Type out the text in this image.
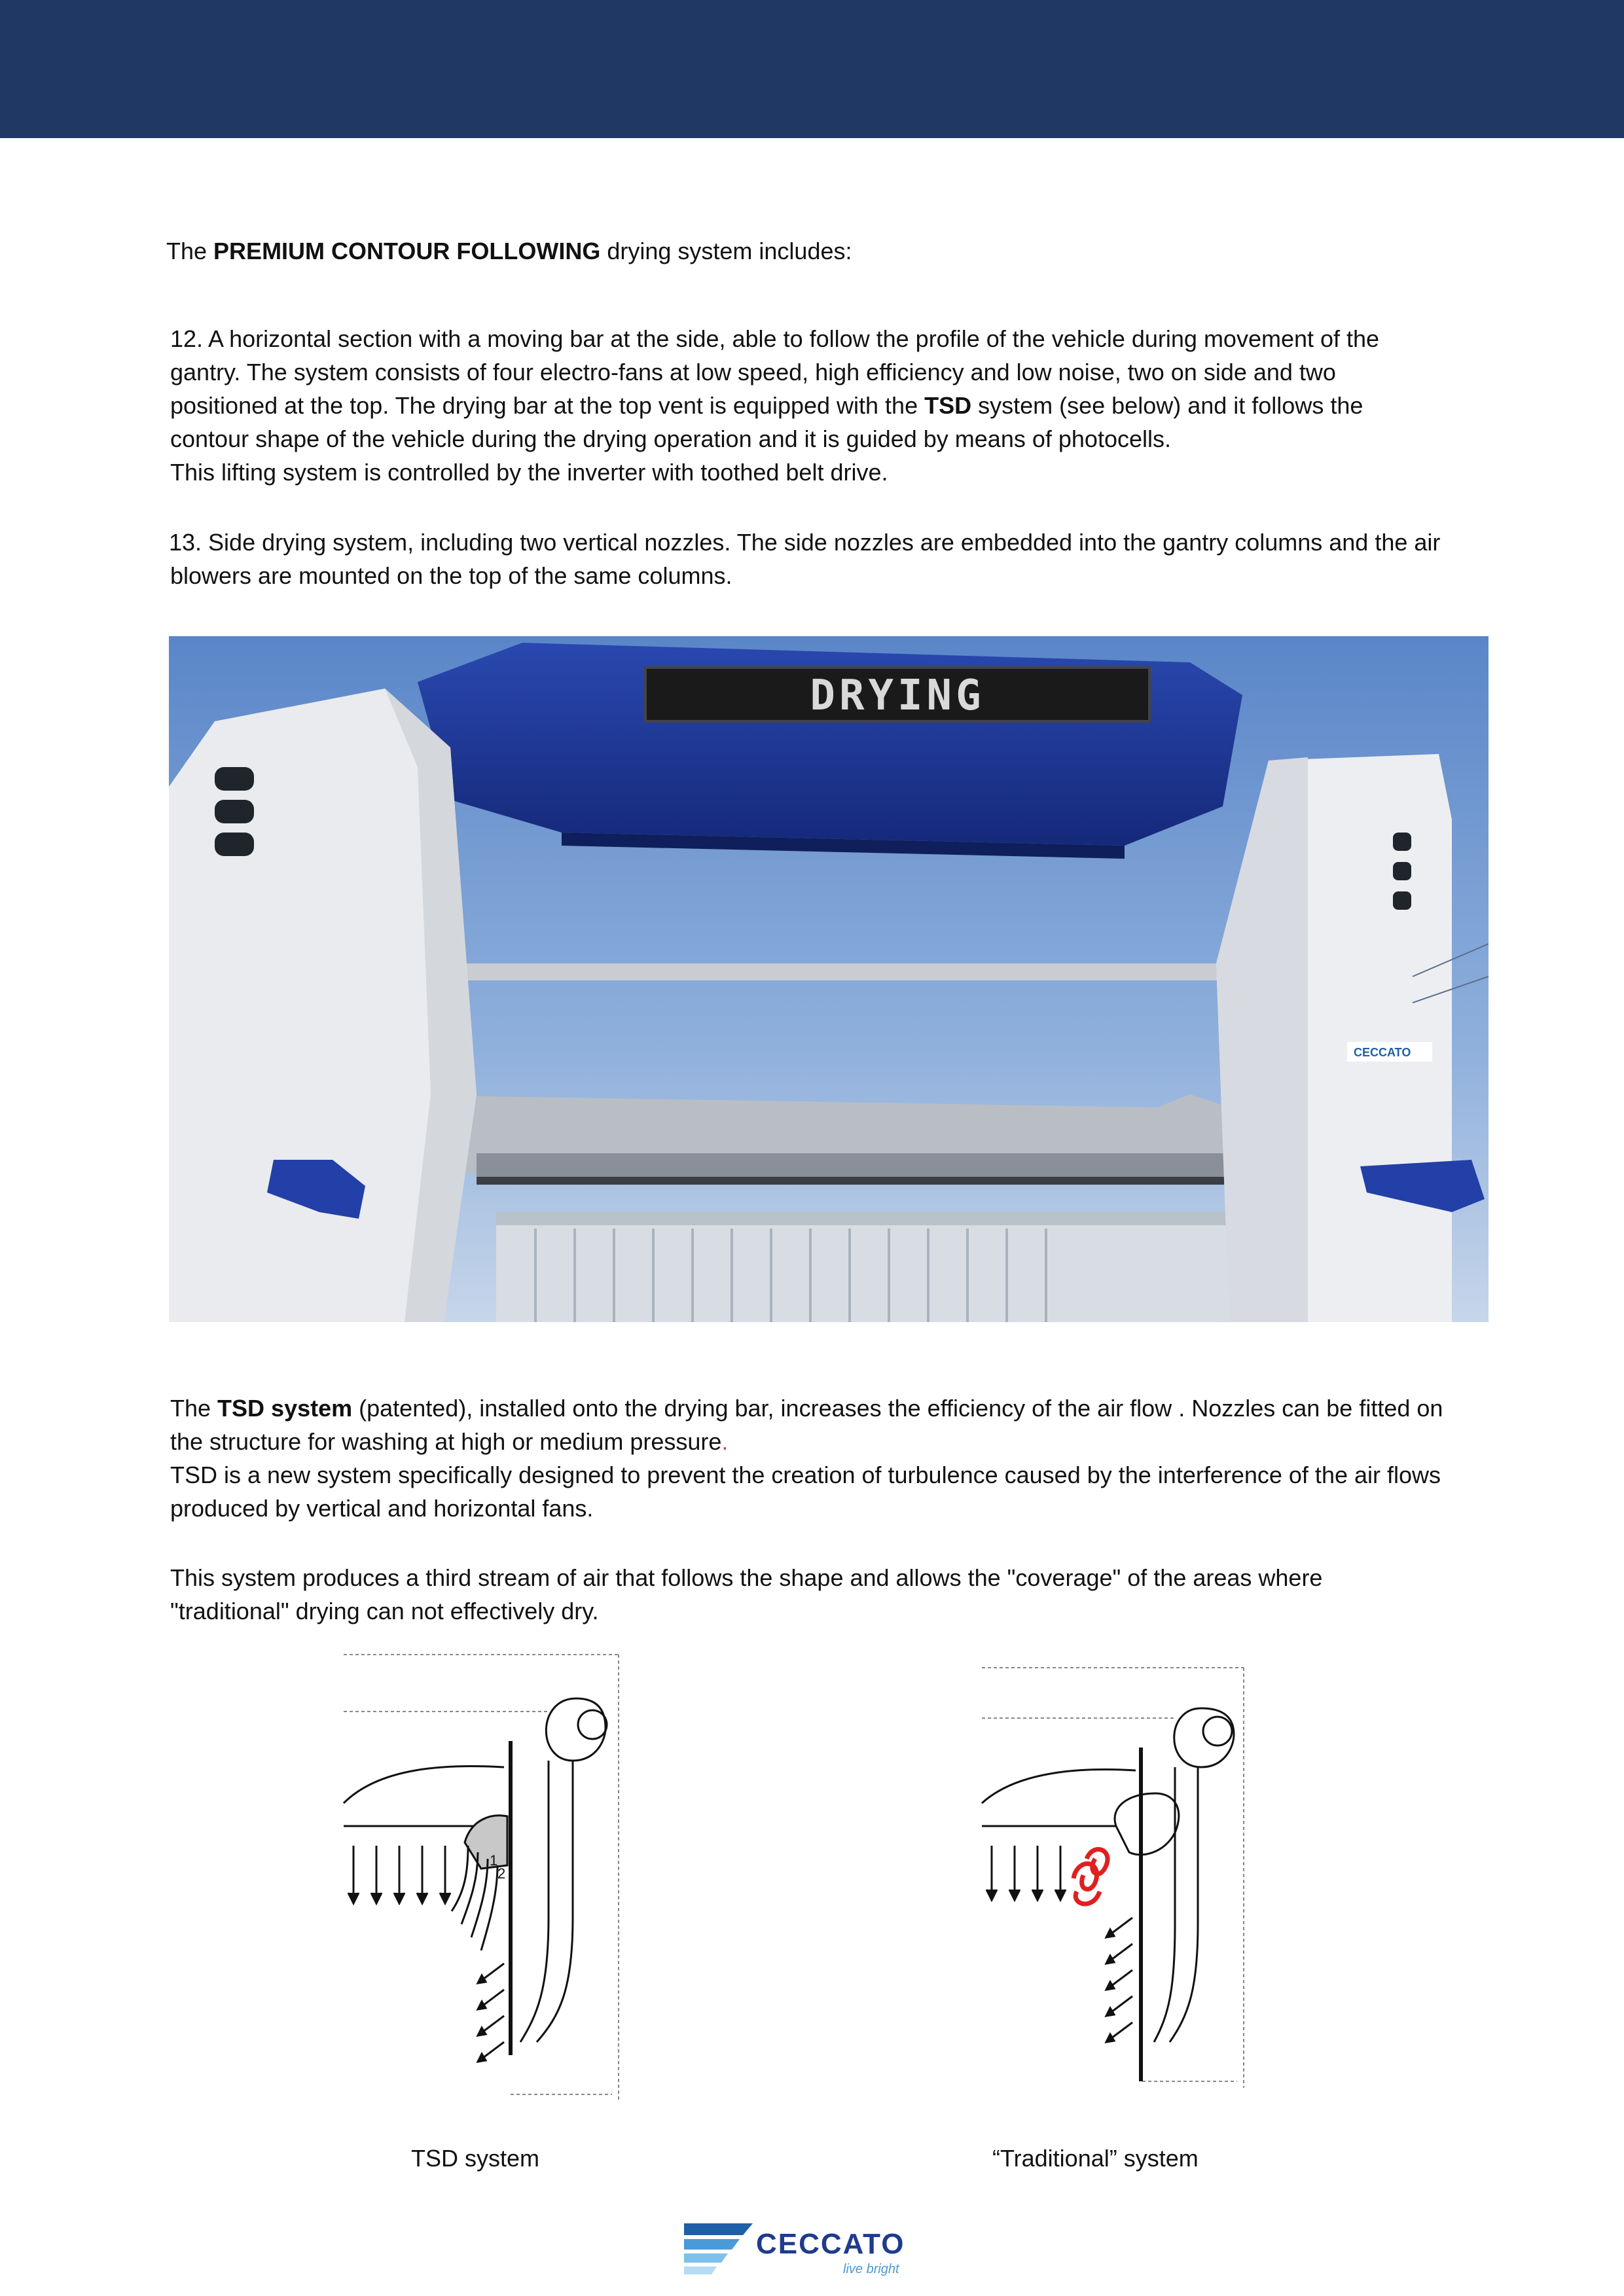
The PREMIUM CONTOUR FOLLOWING drying system includes:
12. A horizontal section with a moving bar at the side, able to follow the profile of the vehicle during movement of the
gantry. The system consists of four electro-fans at low speed, high efficiency and low noise, two on side and two
positioned at the top. The drying bar at the top vent is equipped with the TSD system (see below) and it follows the
contour shape of the vehicle during the drying operation and it is guided by means of photocells.
This lifting system is controlled by the inverter with toothed belt drive.
13. Side drying system, including two vertical nozzles. The side nozzles are embedded into the gantry columns and the air
blowers are mounted on the top of the same columns.
DRYING
CECCATO
The TSD system (patented), installed onto the drying bar, increases the efficiency of the air flow . Nozzles can be fitted on
the structure for washing at high or medium pressure.
TSD is a new system specifically designed to prevent the creation of turbulence caused by the interference of the air flows
produced by vertical and horizontal fans.
This system produces a third stream of air that follows the shape and allows the "coverage" of the areas where
"traditional" drying can not effectively dry.
1
2
TSD system	“Traditional” system
CECCATO
live bright
